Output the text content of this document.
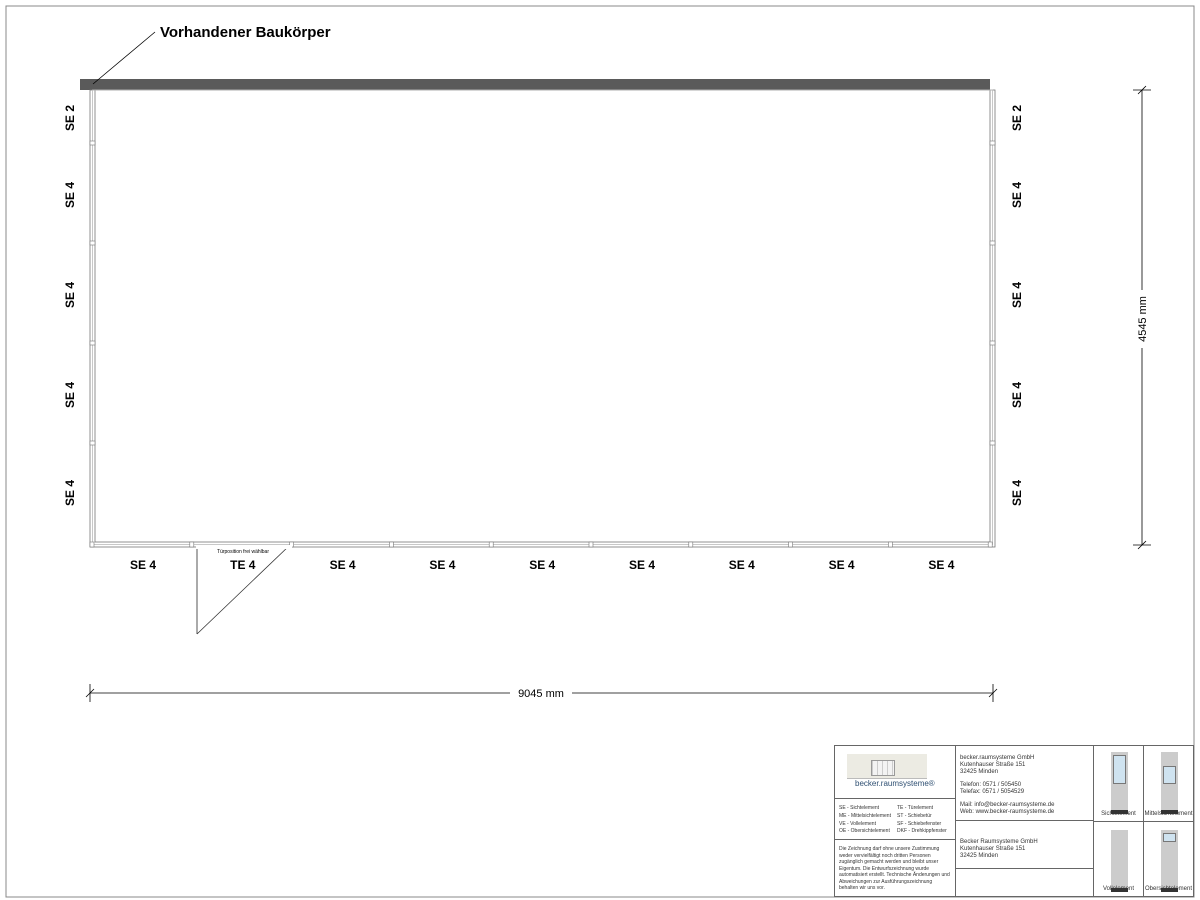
Vorhandener Baukörper
Türposition frei wählbar
SE 2
SE 4
SE 4
SE 4
SE 4
SE 2
SE 4
SE 4
SE 4
SE 4
SE 4	TE 4	SE 4	SE 4	SE 4	SE 4	SE 4	SE 4	SE 4
9045 mm
4545 mm
becker.raumsysteme®
SE - Sichtelement	TE - Türelement
ME - Mittelsichtelement	ST - Schiebetür
VE - Vollelement	SF - Schiebefenster
OE - Obersichtelement	DKF - Drehkippfenster
Die Zeichnung darf ohne unsere Zustimmung weder vervielfältigt noch dritten Personen zugänglich gemacht werden und bleibt unser Eigentum. Die Entwurfszeichnung wurde automatisiert erstellt. Technische Änderungen und Abweichungen zur Ausführungszeichnung behalten wir uns vor.
becker.raumsysteme GmbH
Kutenhauser Straße 151
32425 Minden
Telefon: 0571 / 505450
Telefax: 0571 / 5054529
Mail: info@becker-raumsysteme.de
Web: www.becker-raumsysteme.de
Becker Raumsysteme GmbH
Kutenhauser Straße 151
32425 Minden
Sichtelement	Mittelsichtelement
Vollelement	Obersichtelement
